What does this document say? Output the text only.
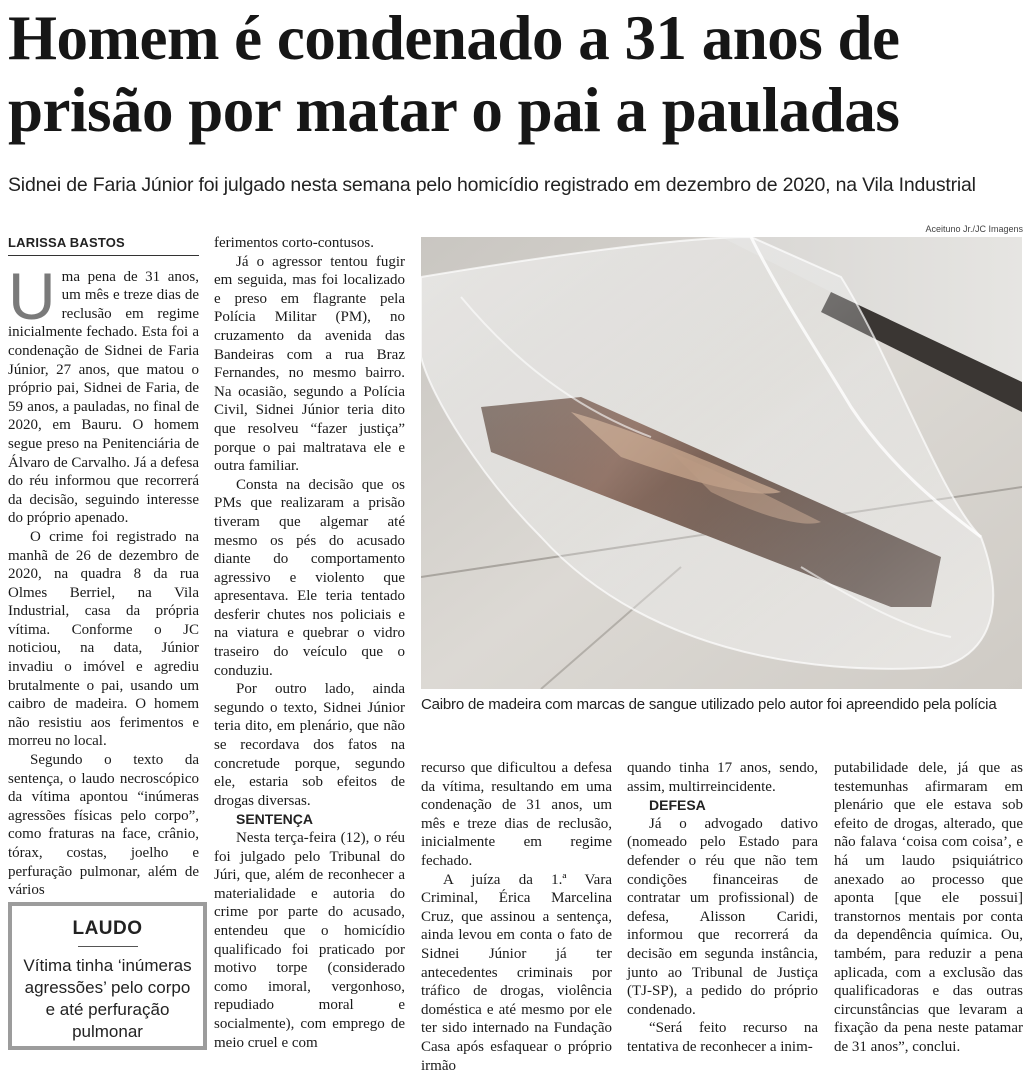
Homem é condenado a 31 anos de
prisão por matar o pai a pauladas
Sidnei de Faria Júnior foi julgado nesta semana pelo homicídio registrado em dezembro de 2020, na Vila Industrial
LARISSA BASTOS

Uma pena de 31 anos, um mês e treze dias de reclusão em regime inicialmente fechado. Esta foi a condenação de Sidnei de Faria Júnior, 27 anos, que matou o próprio pai, Sidnei de Faria, de 59 anos, a pauladas, no final de 2020, em Bauru. O homem segue preso na Penitenciária de Álvaro de Carvalho. Já a defesa do réu informou que recorrerá da decisão, seguindo interesse do próprio apenado.

O crime foi registrado na manhã de 26 de dezembro de 2020, na quadra 8 da rua Olmes Berriel, na Vila Industrial, casa da própria vítima. Conforme o JC noticiou, na data, Júnior invadiu o imóvel e agrediu brutalmente o pai, usando um caibro de madeira. O homem não resistiu aos ferimentos e morreu no local.

Segundo o texto da sentença, o laudo necroscópico da vítima apontou “inúmeras agressões físicas pelo corpo”, como fraturas na face, crânio, tórax, costas, joelho e perfuração pulmonar, além de vários

LAUDO
Vítima tinha ‘inúmeras agressões’ pelo corpo e até perfuração pulmonar

ferimentos corto-contusos.

Já o agressor tentou fugir em seguida, mas foi localizado e preso em flagrante pela Polícia Militar (PM), no cruzamento da avenida das Bandeiras com a rua Braz Fernandes, no mesmo bairro. Na ocasião, segundo a Polícia Civil, Sidnei Júnior teria dito que resolveu “fazer justiça” porque o pai maltratava ele e outra familiar.

Consta na decisão que os PMs que realizaram a prisão tiveram que algemar até mesmo os pés do acusado diante do comportamento agressivo e violento que apresentava. Ele teria tentado desferir chutes nos policiais e na viatura e quebrar o vidro traseiro do veículo que o conduziu.

Por outro lado, ainda segundo o texto, Sidnei Júnior teria dito, em plenário, que não se recordava dos fatos na concretude porque, segundo ele, estaria sob efeitos de drogas diversas.

SENTENÇA

Nesta terça-feira (12), o réu foi julgado pelo Tribunal do Júri, que, além de reconhecer a materialidade e autoria do crime por parte do acusado, entendeu que o homicídio qualificado foi praticado por motivo torpe (considerado como imoral, vergonhoso, repudiado moral e socialmente), com emprego de meio cruel e com

Aceituno Jr./JC Imagens
Caibro de madeira com marcas de sangue utilizado pelo autor foi apreendido pela polícia

recurso que dificultou a defesa da vítima, resultando em uma condenação de 31 anos, um mês e treze dias de reclusão, inicialmente em regime fechado.

A juíza da 1.ª Vara Criminal, Érica Marcelina Cruz, que assinou a sentença, ainda levou em conta o fato de Sidnei Júnior já ter antecedentes criminais por tráfico de drogas, violência doméstica e até mesmo por ele ter sido internado na Fundação Casa após esfaquear o próprio irmão

quando tinha 17 anos, sendo, assim, multirreincidente.

DEFESA

Já o advogado dativo (nomeado pelo Estado para defender o réu que não tem condições financeiras de contratar um profissional) de defesa, Alisson Caridi, informou que recorrerá da decisão em segunda instância, junto ao Tribunal de Justiça (TJ-SP), a pedido do próprio condenado.

“Será feito recurso na tentativa de reconhecer a inim-

putabilidade dele, já que as testemunhas afirmaram em plenário que ele estava sob efeito de drogas, alterado, que não falava ‘coisa com coisa’, e há um laudo psiquiátrico anexado ao processo que aponta [que ele possui] transtornos mentais por conta da dependência química. Ou, também, para reduzir a pena aplicada, com a exclusão das qualificadoras e das outras circunstâncias que levaram a fixação da pena neste patamar de 31 anos”, conclui.
